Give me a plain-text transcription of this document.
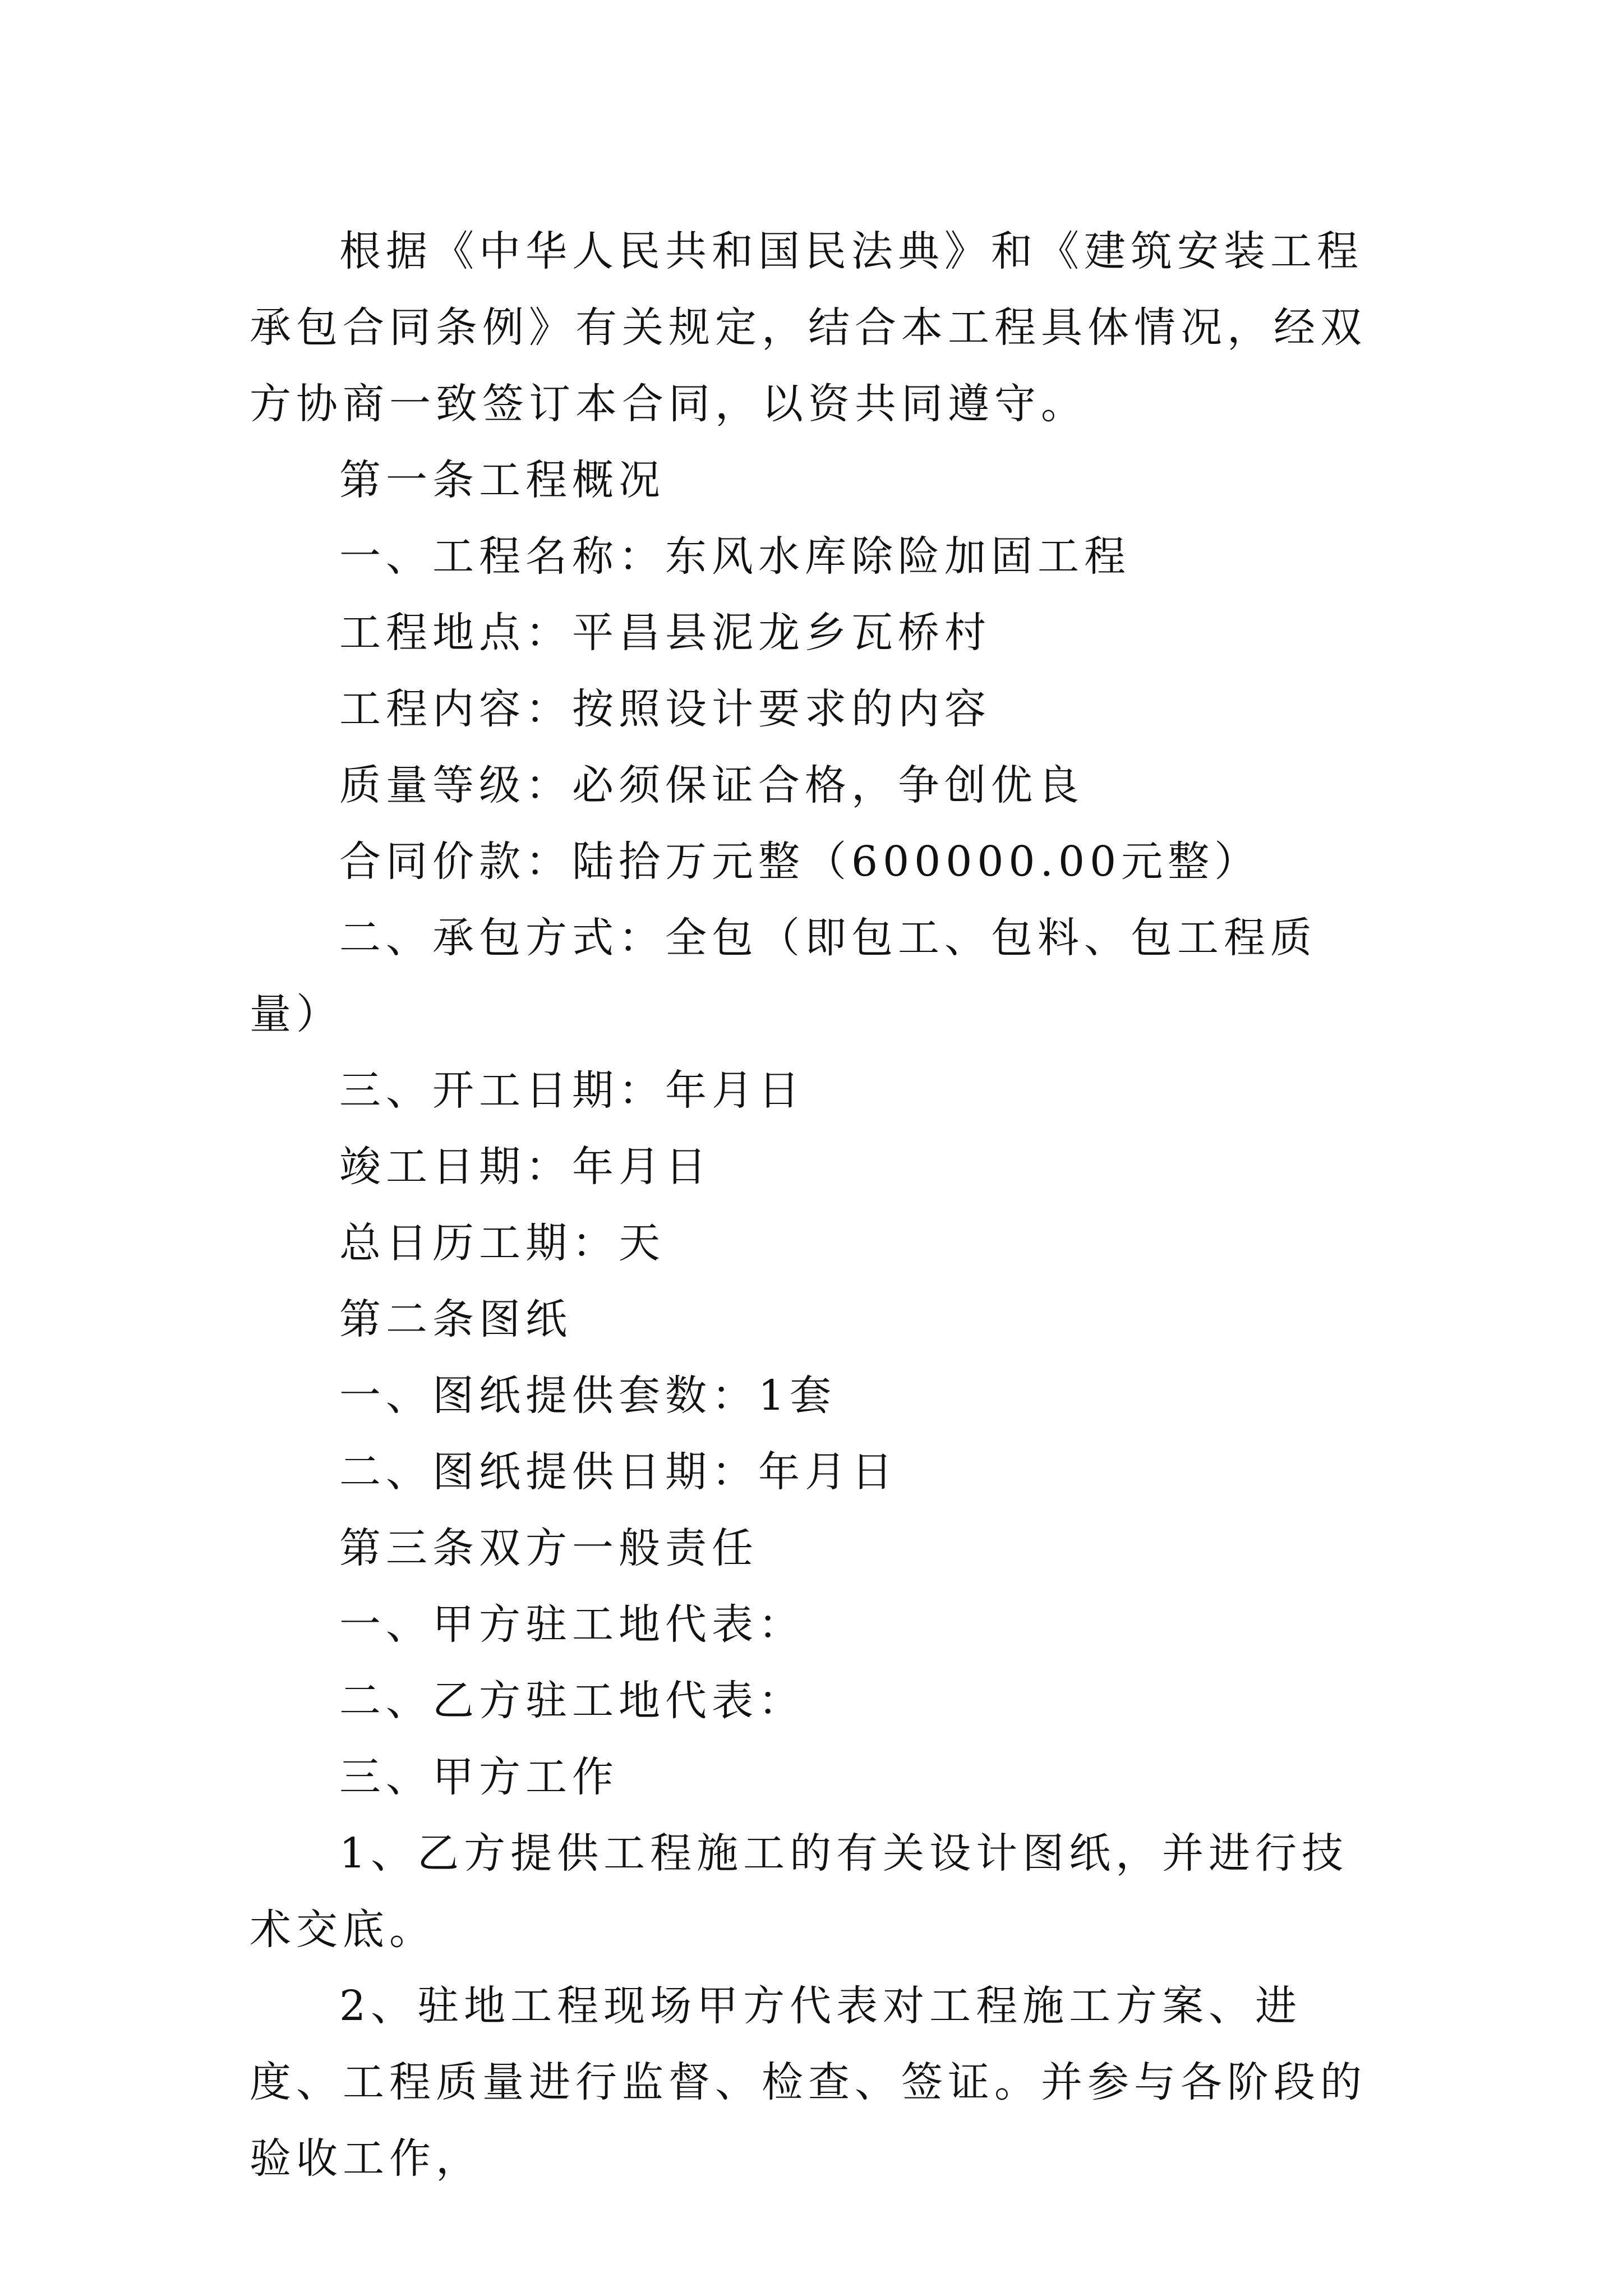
根据《中华人民共和国民法典》和《建筑安装工程承包合同条例》有关规定，结合本工程具体情况，经双方协商一致签订本合同，以资共同遵守。

第一条工程概况

一、工程名称：东风水库除险加固工程

工程地点：平昌县泥龙乡瓦桥村

工程内容：按照设计要求的内容

质量等级：必须保证合格，争创优良

合同价款：陆拾万元整（600000.00元整）

二、承包方式：全包（即包工、包料、包工程质量）

三、开工日期：年月日

竣工日期：年月日

总日历工期：天

第二条图纸

一、图纸提供套数：1套

二、图纸提供日期：年月日

第三条双方一般责任

一、甲方驻工地代表：

二、乙方驻工地代表：

三、甲方工作

1、乙方提供工程施工的有关设计图纸，并进行技术交底。

2、驻地工程现场甲方代表对工程施工方案、进度、工程质量进行监督、检查、签证。并参与各阶段的验收工作，
